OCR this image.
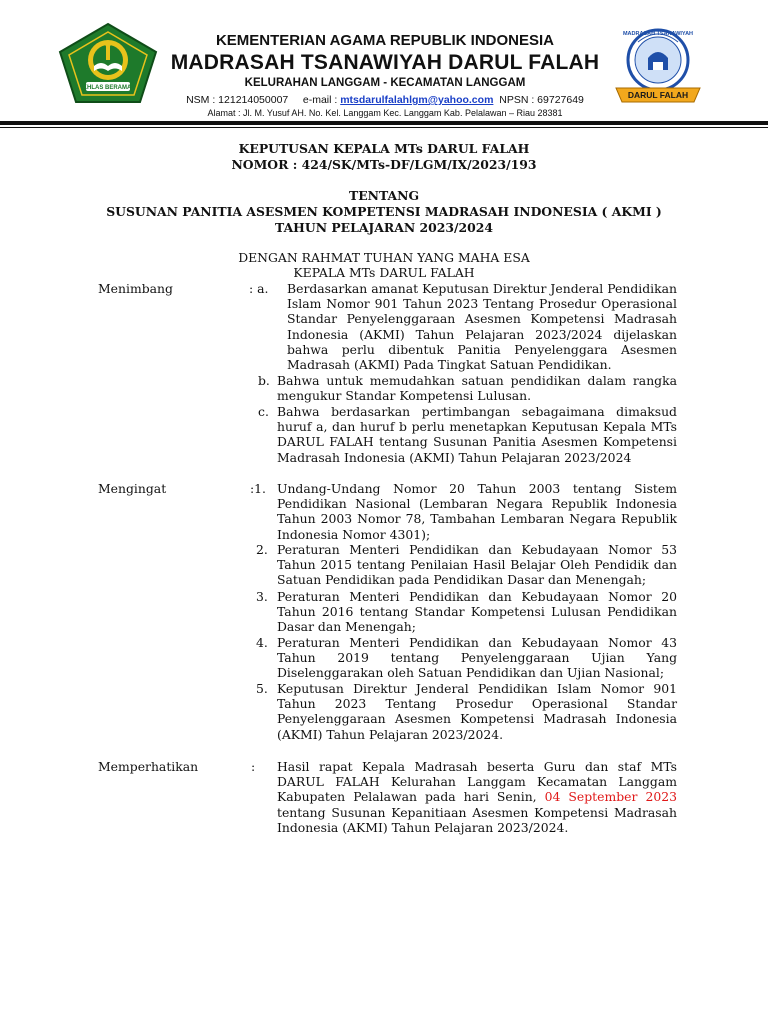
IKHLAS BERAMAL
KEMENTERIAN AGAMA REPUBLIK INDONESIA
MADRASAH TSANAWIYAH DARUL FALAH
KELURAHAN LANGGAM - KECAMATAN LANGGAM
NSM : 121214050007 e-mail : mtsdarulfalahlgm@yahoo.com NPSN : 69727649
Alamat : Jl. M. Yusuf AH. No. Kel. Langgam Kec. Langgam Kab. Pelalawan – Riau 28381
MADRASAH TSANAWIYAH
DARUL FALAH
KEPUTUSAN KEPALA MTs DARUL FALAH
NOMOR : 424/SK/MTs-DF/LGM/IX/2023/193
TENTANG
SUSUNAN PANITIA ASESMEN KOMPETENSI MADRASAH INDONESIA ( AKMI )
TAHUN PELAJARAN 2023/2024
DENGAN RAHMAT TUHAN YANG MAHA ESA
KEPALA MTs DARUL FALAH
Menimbang	: a. Berdasarkan amanat Keputusan Direktur Jenderal Pendidikan Islam Nomor 901 Tahun 2023 Tentang Prosedur Operasional Standar Penyelenggaraan Asesmen Kompetensi Madrasah Indonesia (AKMI) Tahun Pelajaran 2023/2024 dijelaskan bahwa perlu dibentuk Panitia Penyelenggara Asesmen Madrasah (AKMI) Pada Tingkat Satuan Pendidikan.

b. Bahwa untuk memudahkan satuan pendidikan dalam rangka mengukur Standar Kompetensi Lulusan.

c. Bahwa berdasarkan pertimbangan sebagaimana dimaksud huruf a, dan huruf b perlu menetapkan Keputusan Kepala MTs DARUL FALAH tentang Susunan Panitia Asesmen Kompetensi Madrasah Indonesia (AKMI) Tahun Pelajaran 2023/2024

Mengingat	:1. Undang-Undang Nomor 20 Tahun 2003 tentang Sistem Pendidikan Nasional (Lembaran Negara Republik Indonesia Tahun 2003 Nomor 78, Tambahan Lembaran Negara Republik Indonesia Nomor 4301);

2. Peraturan Menteri Pendidikan dan Kebudayaan Nomor 53 Tahun 2015 tentang Penilaian Hasil Belajar Oleh Pendidik dan Satuan Pendidikan pada Pendidikan Dasar dan Menengah;

3. Peraturan Menteri Pendidikan dan Kebudayaan Nomor 20 Tahun 2016 tentang Standar Kompetensi Lulusan Pendidikan Dasar dan Menengah;

4. Peraturan Menteri Pendidikan dan Kebudayaan Nomor 43 Tahun 2019 tentang Penyelenggaraan Ujian Yang Diselenggarakan oleh Satuan Pendidikan dan Ujian Nasional;

5. Keputusan Direktur Jenderal Pendidikan Islam Nomor 901 Tahun 2023 Tentang Prosedur Operasional Standar Penyelenggaraan Asesmen Kompetensi Madrasah Indonesia (AKMI) Tahun Pelajaran 2023/2024.

Memperhatikan	: Hasil rapat Kepala Madrasah beserta Guru dan staf MTs DARUL FALAH Kelurahan Langgam Kecamatan Langgam Kabupaten Pelalawan pada hari Senin, 04 September 2023 tentang Susunan Kepanitiaan Asesmen Kompetensi Madrasah Indonesia (AKMI) Tahun Pelajaran 2023/2024.
